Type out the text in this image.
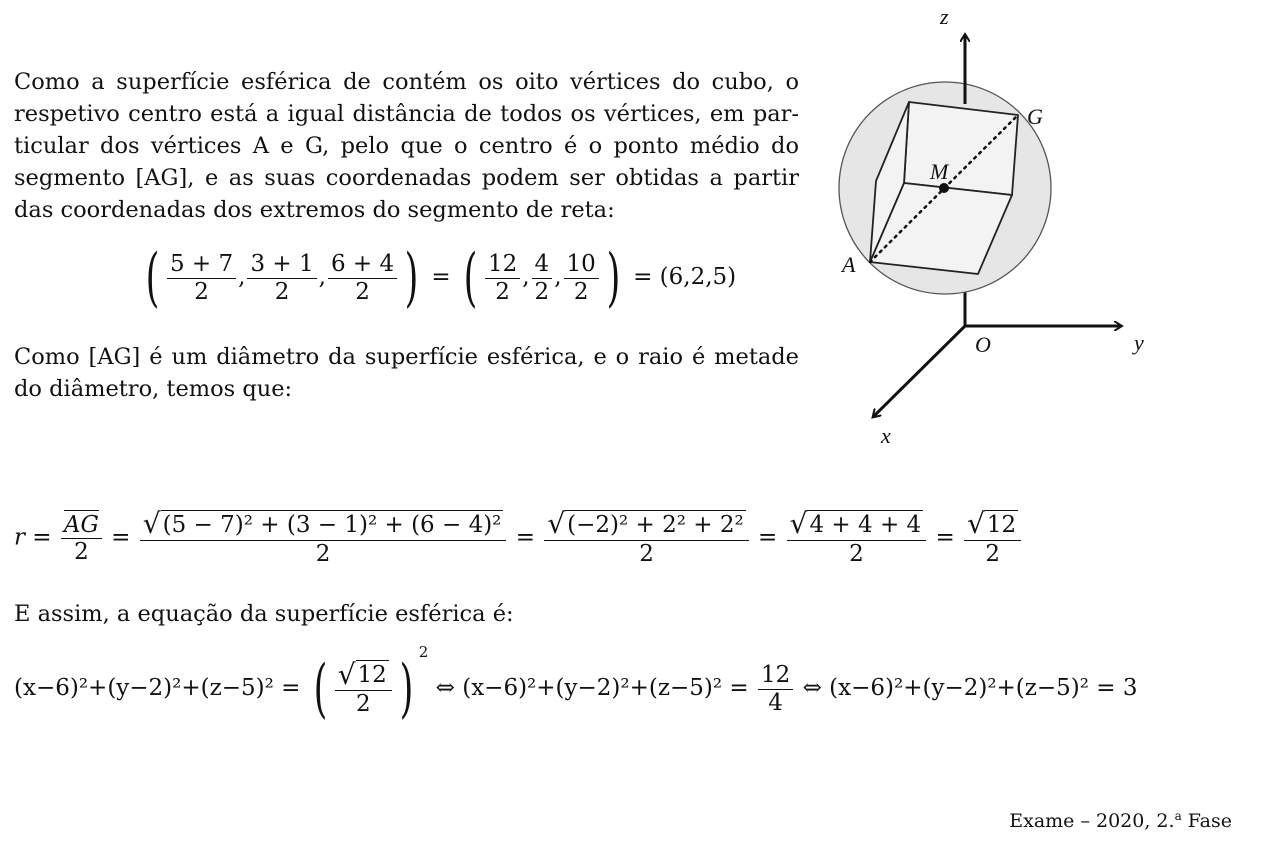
Como a superfície esférica de contém os oito vértices do cubo, o
respetivo centro está a igual distância de todos os vértices, em par-
ticular dos vértices A e G, pelo que o centro é o ponto médio do
segmento [AG], e as suas coordenadas podem ser obtidas a partir
das coordenadas dos extremos do segmento de reta:
( $\frac{5 + 7}{2}$ , $\frac{3 + 1}{2}$ , $\frac{6 + 4}{2}$ ) = ( $\frac{12}{2}$ , $\frac{4}{2}$ , $\frac{10}{2}$ ) = (6,2,5)
Como [AG] é um diâmetro da superfície esférica, e o raio é metade
do diâmetro, temos que:
$r = \frac{AG}{2} = \frac{\text{√ (5 − 7)² + (3 − 1)² + (6 − 4)²}}{2} = \frac{\text{√ (−2)² + 2² + 2²}}{2} = \frac{√ 4 + 4 + 4}{2} = \frac{√ 12}{2}$
E assim, a equação da superfície esférica é:
(x−6)²+(y−2)²+(z−5)² = ( $\frac{√ 12}{2}$ ) $^2$ ⇔ $(x-6)^2+(y-2)^2+(z-5)^2 = \frac{12}{4}$ ⇔ (x−6)²+(y−2)²+(z−5)² = 3
z
G
M
A
O	y
x
Exame – 2020, 2.$^a$ Fase
